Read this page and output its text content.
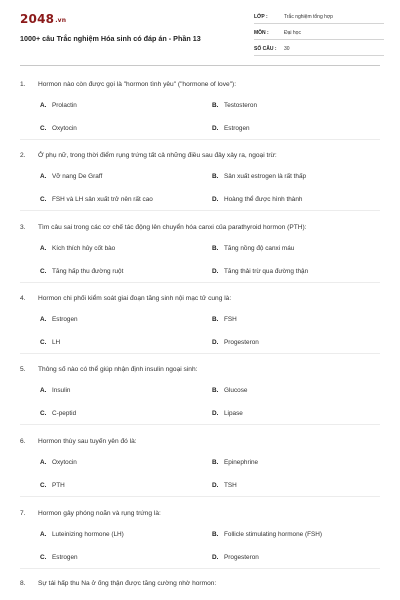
2048.vn
1000+ câu Trắc nghiệm Hóa sinh có đáp án - Phần 13
LỚP :	Trắc nghiệm tổng hợp
MÔN :	Đại học
SỐ CÂU : 30
1. Hormon nào còn được gọi là "hormon tình yêu" ("hormone of love"):
A. Prolactin	B. Testosteron
C. Oxytocin	D. Estrogen
2. Ở phụ nữ, trong thời điểm rụng trứng tất cả những điều sau đây xảy ra, ngoại trừ:
A. Vỡ nang De Graff	B. Sản xuất estrogen là rất thấp
C. FSH và LH sản xuất trở nên rất cao	D. Hoàng thể được hình thành
3. Tìm câu sai trong các cơ chế tác động lên chuyển hóa canxi của parathyroid hormon (PTH):
A. Kích thích hủy cốt bào	B. Tăng nồng độ canxi máu
C. Tăng hấp thu đường ruột	D. Tăng thải trừ qua đường thận
4. Hormon chi phối kiểm soát giai đoạn tăng sinh nội mạc tử cung là:
A. Estrogen	B. FSH
C. LH	D. Progesteron
5. Thông số nào có thể giúp nhận định insulin ngoại sinh:
A. Insulin	B. Glucose
C. C-peptid	D. Lipase
6. Hormon thùy sau tuyến yên đó là:
A. Oxytocin	B. Epinephrine
C. PTH	D. TSH
7. Hormon gây phóng noãn và rụng trứng là:
A. Luteinizing hormone (LH)	B. Follicle stimulating hormone (FSH)
C. Estrogen	D. Progesteron
8. Sự tái hấp thu Na ở ống thận được tăng cường nhờ hormon:
